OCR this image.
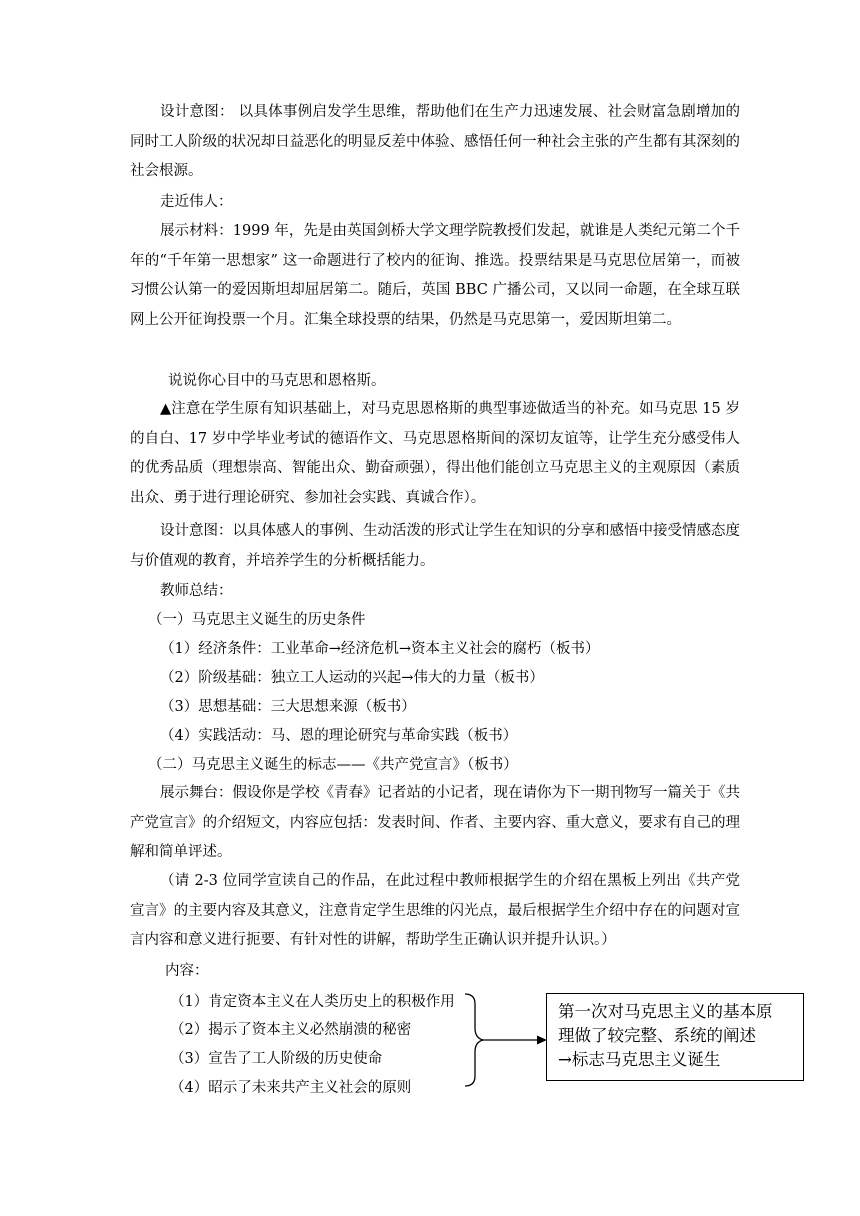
设计意图： 以具体事例启发学生思维，帮助他们在生产力迅速发展、社会财富急剧增加的同时工人阶级的状况却日益恶化的明显反差中体验、感悟任何一种社会主张的产生都有其深刻的社会根源。
走近伟人：
展示材料：1999 年，先是由英国剑桥大学文理学院教授们发起，就谁是人类纪元第二个千年的“千年第一思想家” 这一命题进行了校内的征询、推选。投票结果是马克思位居第一，而被习惯公认第一的爱因斯坦却屈居第二。随后，英国 BBC 广播公司，又以同一命题，在全球互联网上公开征询投票一个月。汇集全球投票的结果，仍然是马克思第一，爱因斯坦第二。
说说你心目中的马克思和恩格斯。
▲注意在学生原有知识基础上，对马克思恩格斯的典型事迹做适当的补充。如马克思 15 岁的自白、17 岁中学毕业考试的德语作文、马克思恩格斯间的深切友谊等，让学生充分感受伟人的优秀品质（理想崇高、智能出众、勤奋顽强），得出他们能创立马克思主义的主观原因（素质出众、勇于进行理论研究、参加社会实践、真诚合作）。
设计意图：以具体感人的事例、生动活泼的形式让学生在知识的分享和感悟中接受情感态度与价值观的教育，并培养学生的分析概括能力。
教师总结：
（一）马克思主义诞生的历史条件
（1）经济条件：工业革命→经济危机→资本主义社会的腐朽（板书）
（2）阶级基础：独立工人运动的兴起→伟大的力量（板书）
（3）思想基础：三大思想来源（板书）
（4）实践活动：马、恩的理论研究与革命实践（板书）
（二）马克思主义诞生的标志——《共产党宣言》（板书）
展示舞台：假设你是学校《青春》记者站的小记者，现在请你为下一期刊物写一篇关于《共产党宣言》的介绍短文，内容应包括：发表时间、作者、主要内容、重大意义，要求有自己的理解和简单评述。
（请 2-3 位同学宣读自己的作品，在此过程中教师根据学生的介绍在黑板上列出《共产党宣言》的主要内容及其意义，注意肯定学生思维的闪光点，最后根据学生介绍中存在的问题对宣言内容和意义进行扼要、有针对性的讲解，帮助学生正确认识并提升认识。）
内容：
（1）肯定资本主义在人类历史上的积极作用
（2）揭示了资本主义必然崩溃的秘密
（3）宣告了工人阶级的历史使命
（4）昭示了未来共产主义社会的原则
第一次对马克思主义的基本原
理做了较完整、系统的阐述
→标志马克思主义诞生
